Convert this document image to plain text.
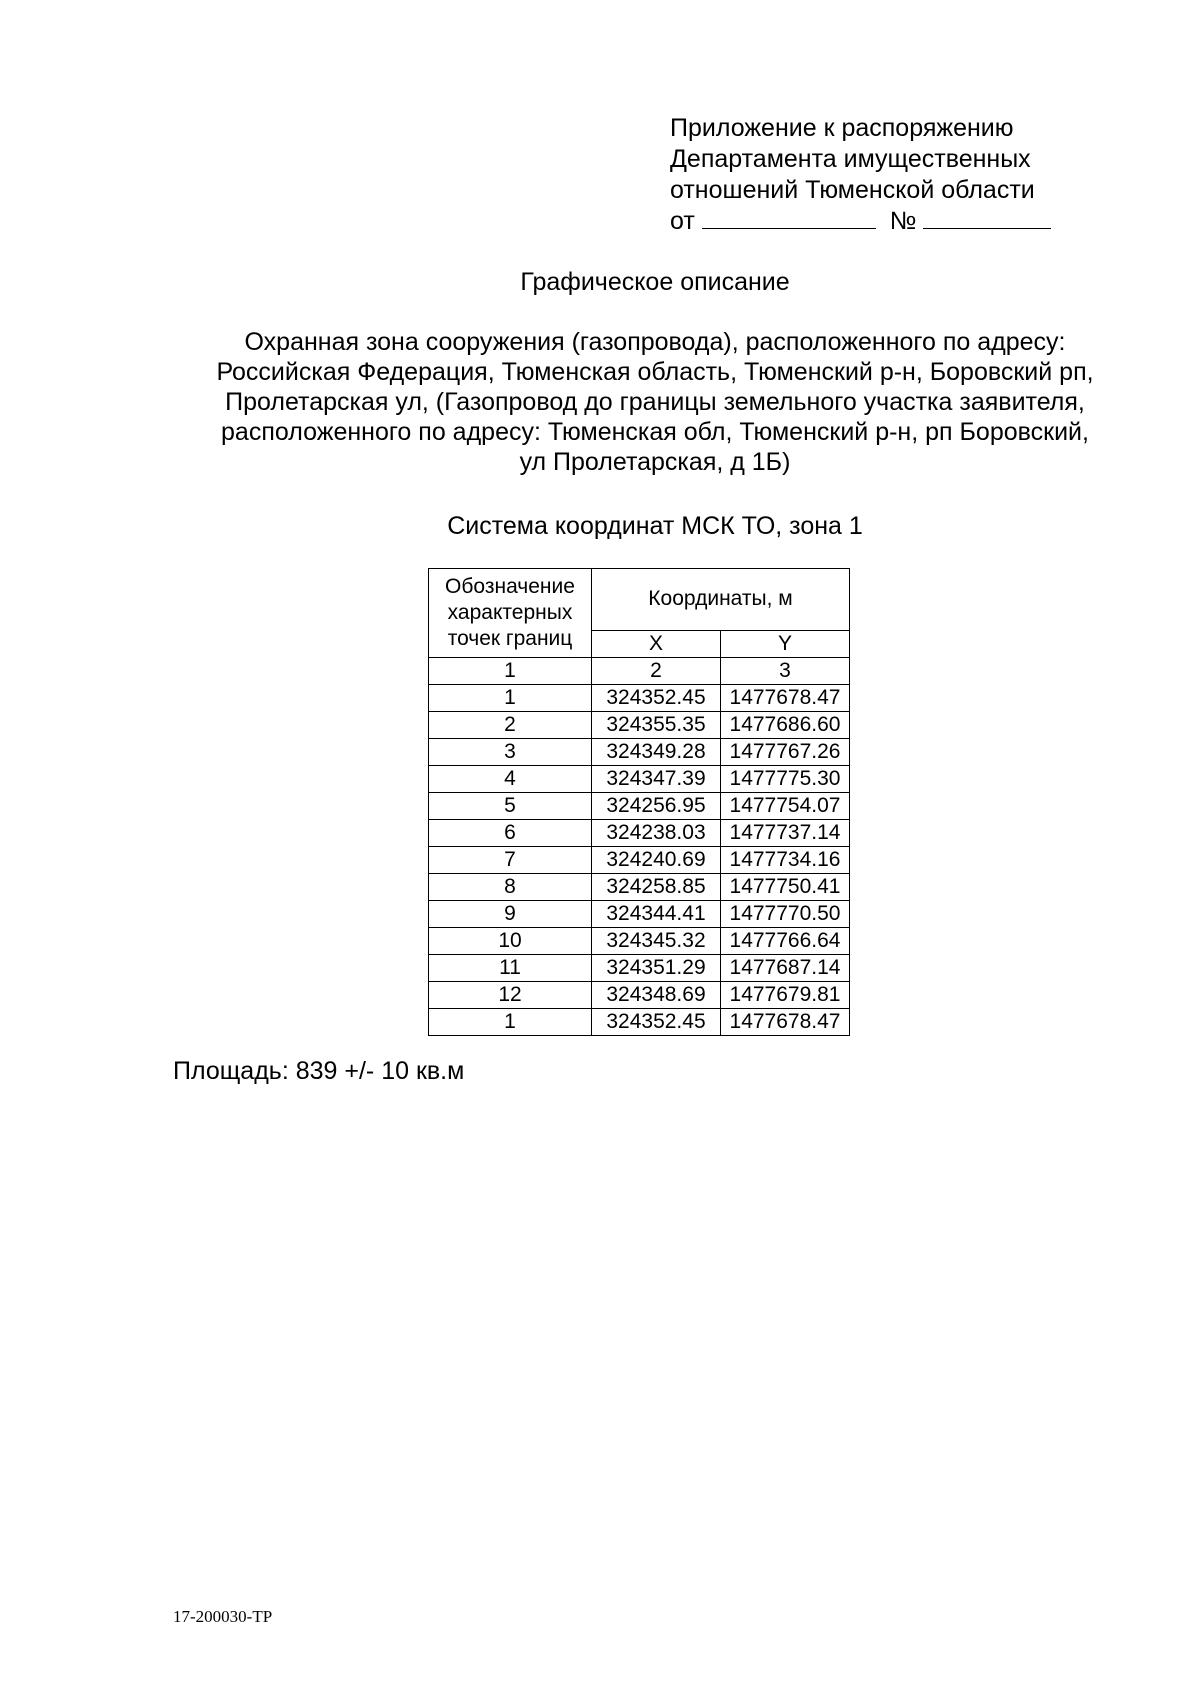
Приложение к распоряжению
Департамента имущественных
отношений Тюменской области
от	№
Графическое описание
Охранная зона сооружения (газопровода), расположенного по адресу:
Российская Федерация, Тюменская область, Тюменский р-н, Боровский рп,
Пролетарская ул, (Газопровод до границы земельного участка заявителя,
расположенного по адресу: Тюменская обл, Тюменский р-н, рп Боровский,
ул Пролетарская, д 1Б)
Система координат МСК ТО, зона 1
Обозначение
характерных
точек границ	Координаты, м	
	X	Y
1	2	3
1	324352.45	1477678.47
2	324355.35	1477686.60
3	324349.28	1477767.26
4	324347.39	1477775.30
5	324256.95	1477754.07
6	324238.03	1477737.14
7	324240.69	1477734.16
8	324258.85	1477750.41
9	324344.41	1477770.50
10	324345.32	1477766.64
11	324351.29	1477687.14
12	324348.69	1477679.81
1	324352.45	1477678.47
Площадь: 839 +/- 10 кв.м
17-200030-ТР
